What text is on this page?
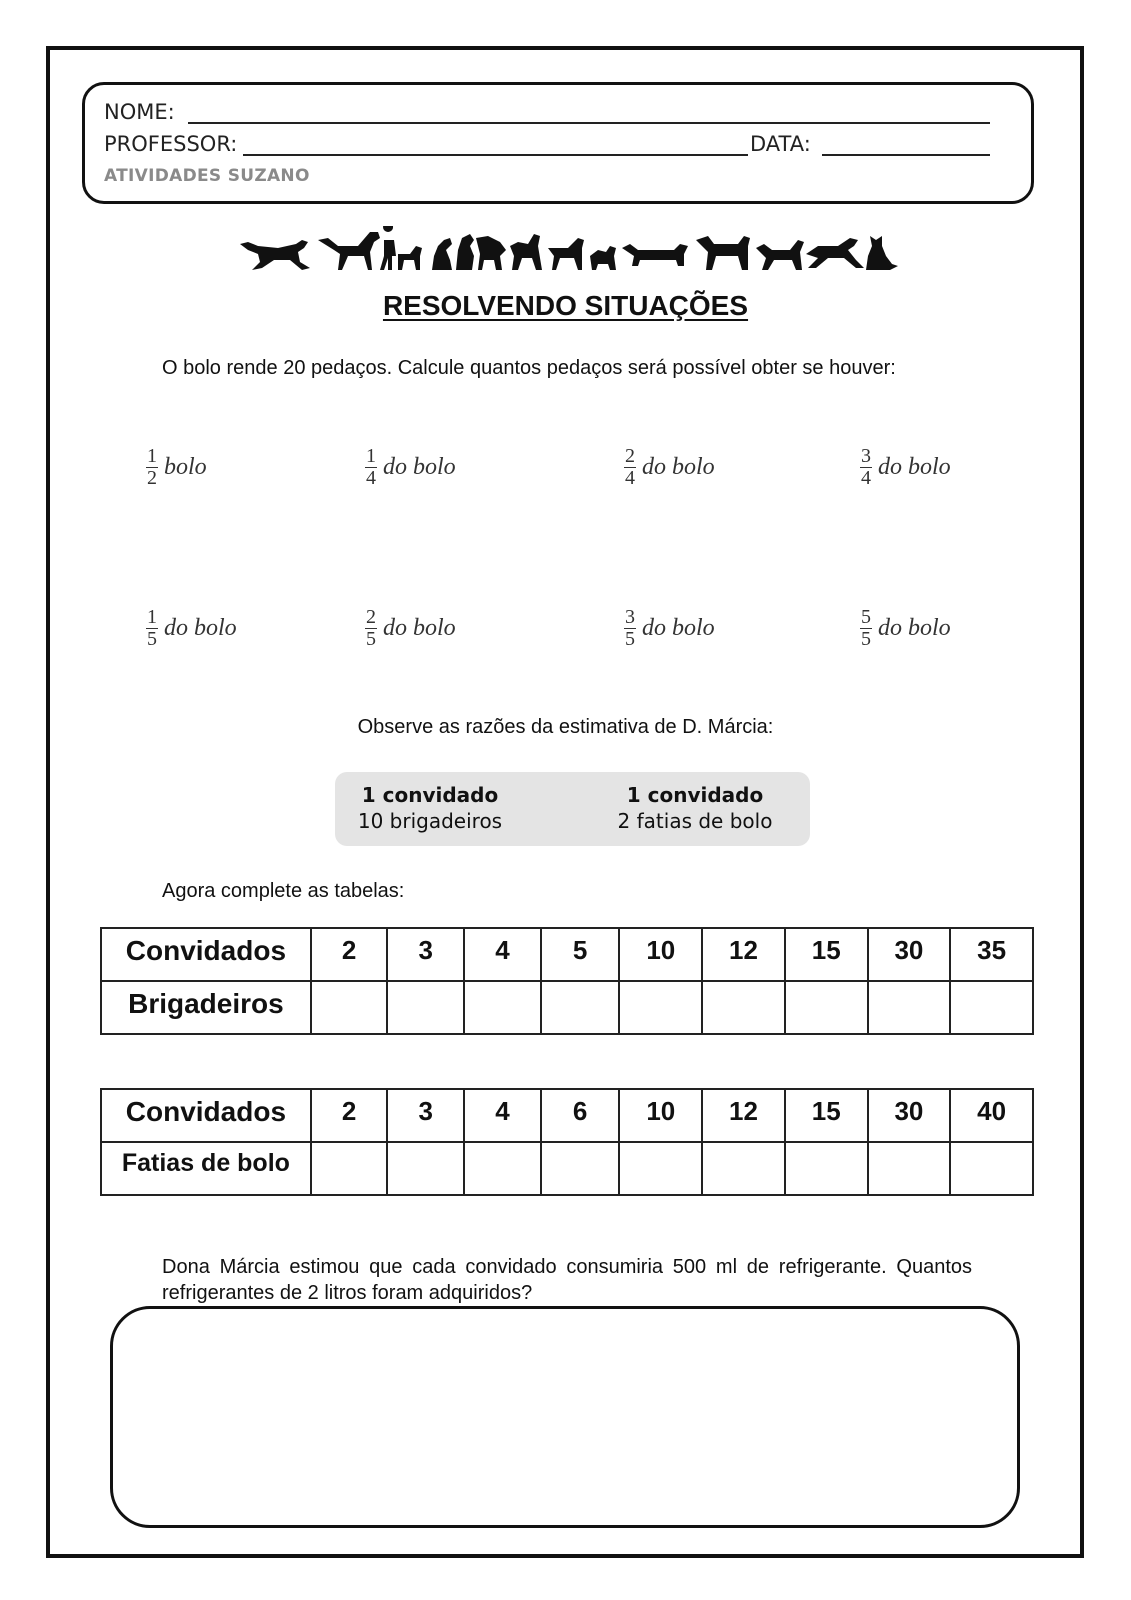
NOME:
PROFESSOR:	DATA:
ATIVIDADES SUZANO
RESOLVENDO SITUAÇÕES
O bolo rende 20 pedaços. Calcule quantos pedaços será possível obter se houver:
1
2 bolo	1
4 do bolo	2
4 do bolo	3
4 do bolo
1
5 do bolo	2
5 do bolo	3
5 do bolo	5
5 do bolo
Observe as razões da estimativa de D. Márcia:
1 convidado
10 brigadeiros
1 convidado
2 fatias de bolo
Agora complete as tabelas:
Convidados	2	3	4	5	10	12	15	30	35
Brigadeiros									
Convidados	2	3	4	6	10	12	15	30	40
Fatias de bolo									
Dona Márcia estimou que cada convidado consumiria 500 ml de refrigerante. Quantos refrigerantes de 2 litros foram adquiridos?
